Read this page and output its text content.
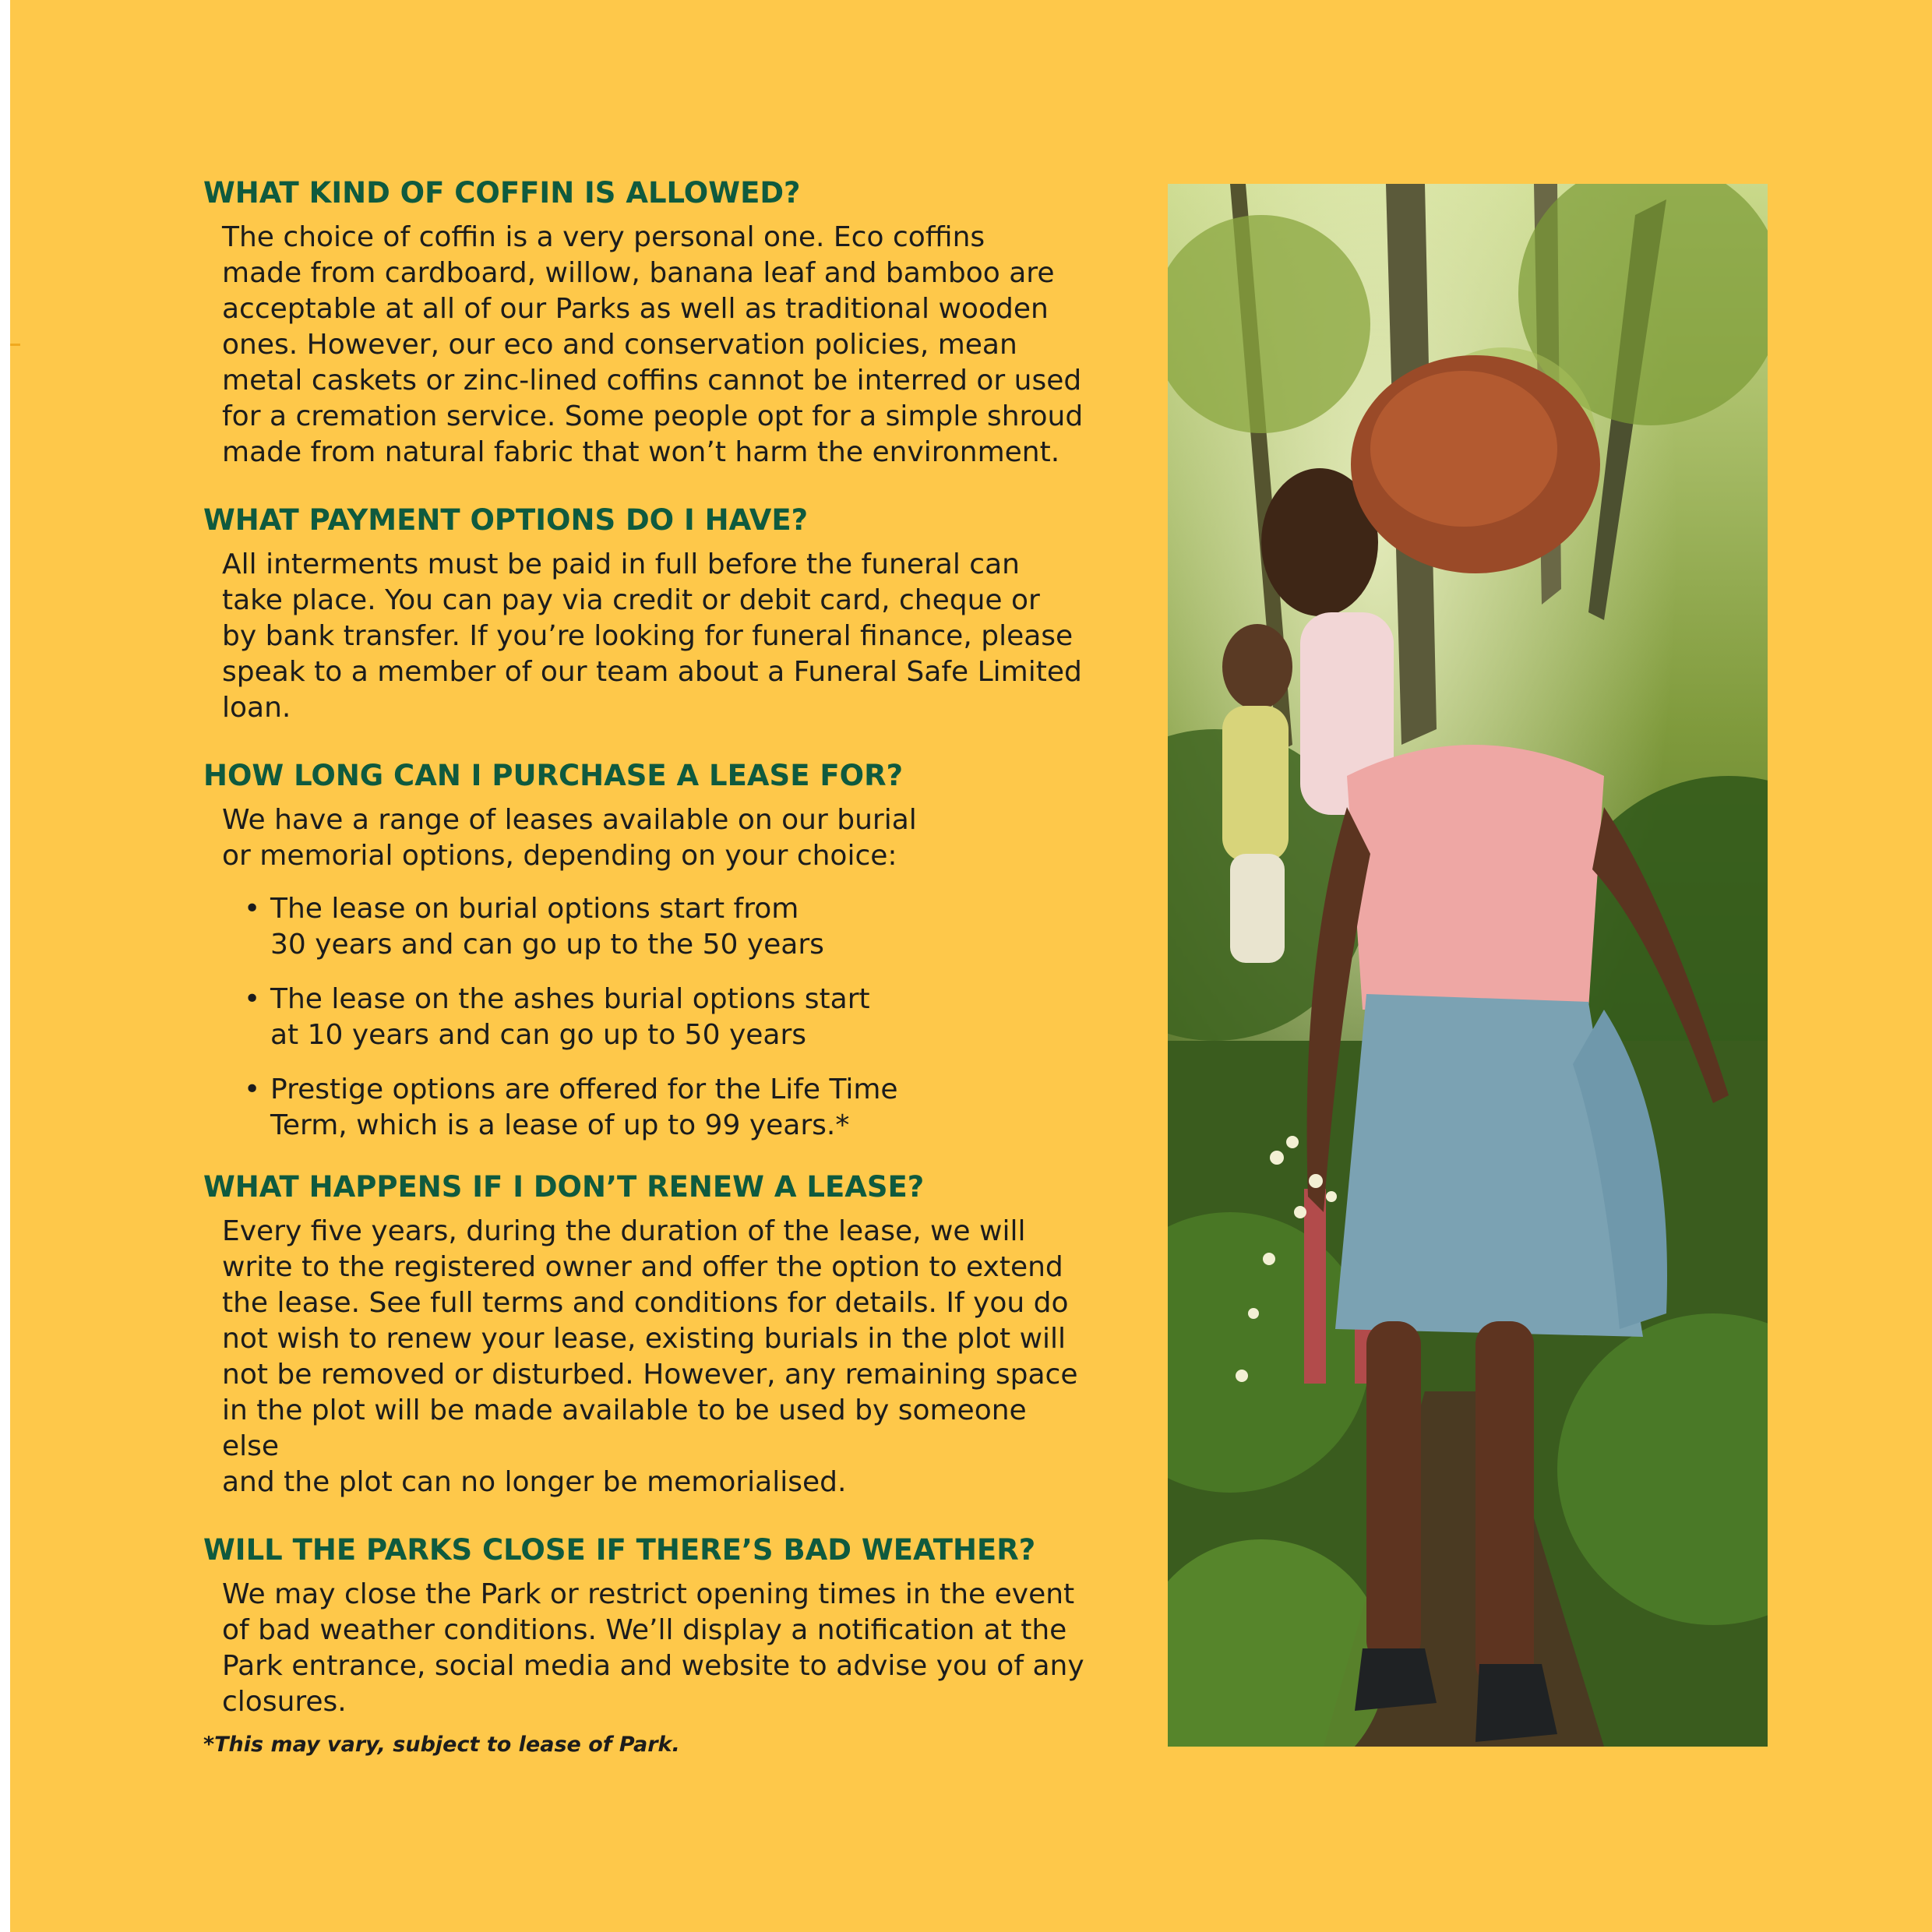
WHAT KIND OF COFFIN IS ALLOWED?

The choice of coffin is a very personal one. Eco coffins
made from cardboard, willow, banana leaf and bamboo are
acceptable at all of our Parks as well as traditional wooden
ones. However, our eco and conservation policies, mean
metal caskets or zinc-lined coffins cannot be interred or used
for a cremation service. Some people opt for a simple shroud
made from natural fabric that won’t harm the environment.

WHAT PAYMENT OPTIONS DO I HAVE?

All interments must be paid in full before the funeral can
take place. You can pay via credit or debit card, cheque or
by bank transfer. If you’re looking for funeral finance, please
speak to a member of our team about a Funeral Safe Limited
loan.

HOW LONG CAN I PURCHASE A LEASE FOR?

We have a range of leases available on our burial
or memorial options, depending on your choice:

• The lease on burial options start from
30 years and can go up to the 50 years
• The lease on the ashes burial options start
at 10 years and can go up to 50 years
• Prestige options are offered for the Life Time
Term, which is a lease of up to 99 years.*
WHAT HAPPENS IF I DON’T RENEW A LEASE?

Every five years, during the duration of the lease, we will
write to the registered owner and offer the option to extend
the lease. See full terms and conditions for details. If you do
not wish to renew your lease, existing burials in the plot will
not be removed or disturbed. However, any remaining space
in the plot will be made available to be used by someone else
and the plot can no longer be memorialised.

WILL THE PARKS CLOSE IF THERE’S BAD WEATHER?

We may close the Park or restrict opening times in the event
of bad weather conditions. We’ll display a notification at the
Park entrance, social media and website to advise you of any
closures.

*This may vary, subject to lease of Park.
